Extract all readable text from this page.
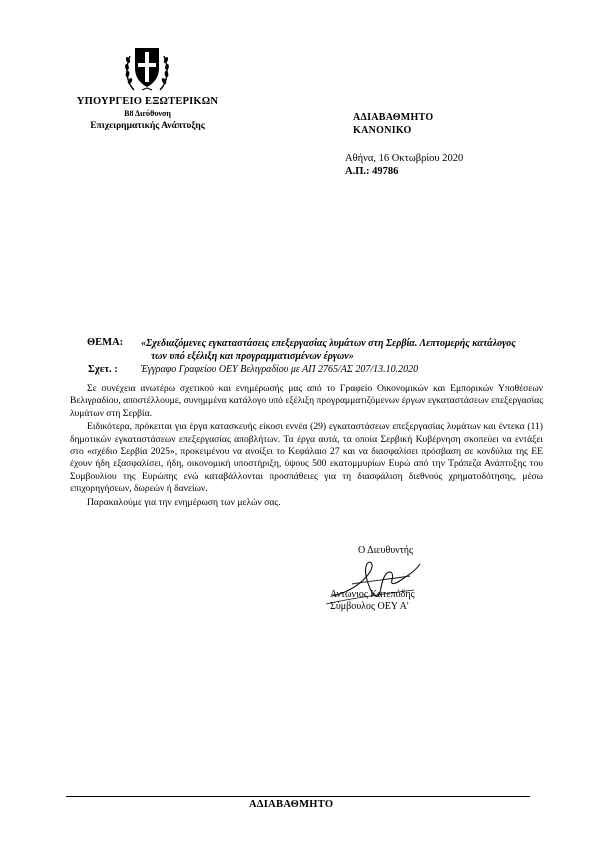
ΥΠΟΥΡΓΕΙΟ ΕΞΩΤΕΡΙΚΩΝ
Β8 Διεύθυνση
Επιχειρηματικής Ανάπτυξης
ΑΔΙΑΒΑΘΜΗΤΟ
ΚΑΝΟΝΙΚΟ
Αθήνα, 16 Οκτωβρίου 2020
Α.Π.: 49786
ΘΕΜΑ: «Σχεδιαζόμενες εγκαταστάσεις επεξεργασίας λυμάτων στη Σερβία. Λεπτομερής κατάλογος
των υπό εξέλιξη και προγραμματισμένων έργων»
Σχετ. : Έγγραφο Γραφείου ΟΕΥ Βελιγραδίου με ΑΠ 2765/ΑΣ 207/13.10.2020

Σε συνέχεια ανωτέρω σχετικού και ενημέρωσής μας από το Γραφείο Οικονομικών και Εμπορικών Υποθέσεων Βελιγραδίου, αποστέλλουμε, συνημμένα κατάλογο υπό εξέλιξη προγραμματιζόμενων έργων εγκαταστάσεων επεξεργασίας λυμάτων στη Σερβία.

Ειδικότερα, πρόκειται για έργα κατασκευής είκοσι εννέα (29) εγκαταστάσεων επεξεργασίας λυμάτων και έντεκα (11) δημοτικών εγκαταστάσεων επεξεργασίας αποβλήτων. Τα έργα αυτά, τα οποία Σερβική Κυβέρνηση σκοπεύει να εντάξει στο «σχέδιο Σερβία 2025», προκειμένου να ανοίξει το Κεφάλαιο 27 και να διασφαλίσει πρόσβαση σε κονδύλια της ΕΕ έχουν ήδη εξασφαλίσει, ήδη, οικονομική υποστήριξη, ύψους 500 εκατομμυρίων Ευρώ από την Τράπεζα Ανάπτυξης του Συμβουλίου της Ευρώπης ενώ καταβάλλονται προσπάθειες για τη διασφάλιση διεθνούς χρηματοδότησης, μέσω επιχορηγήσεων, δωρεών ή δανείων.

Παρακαλούμε για την ενημέρωση των μελών σας.

Ο Διευθυντής
Αντώνιος Κατεπόδης
Σύμβουλος ΟΕΥ Α'
ΑΔΙΑΒΑΘΜΗΤΟ
